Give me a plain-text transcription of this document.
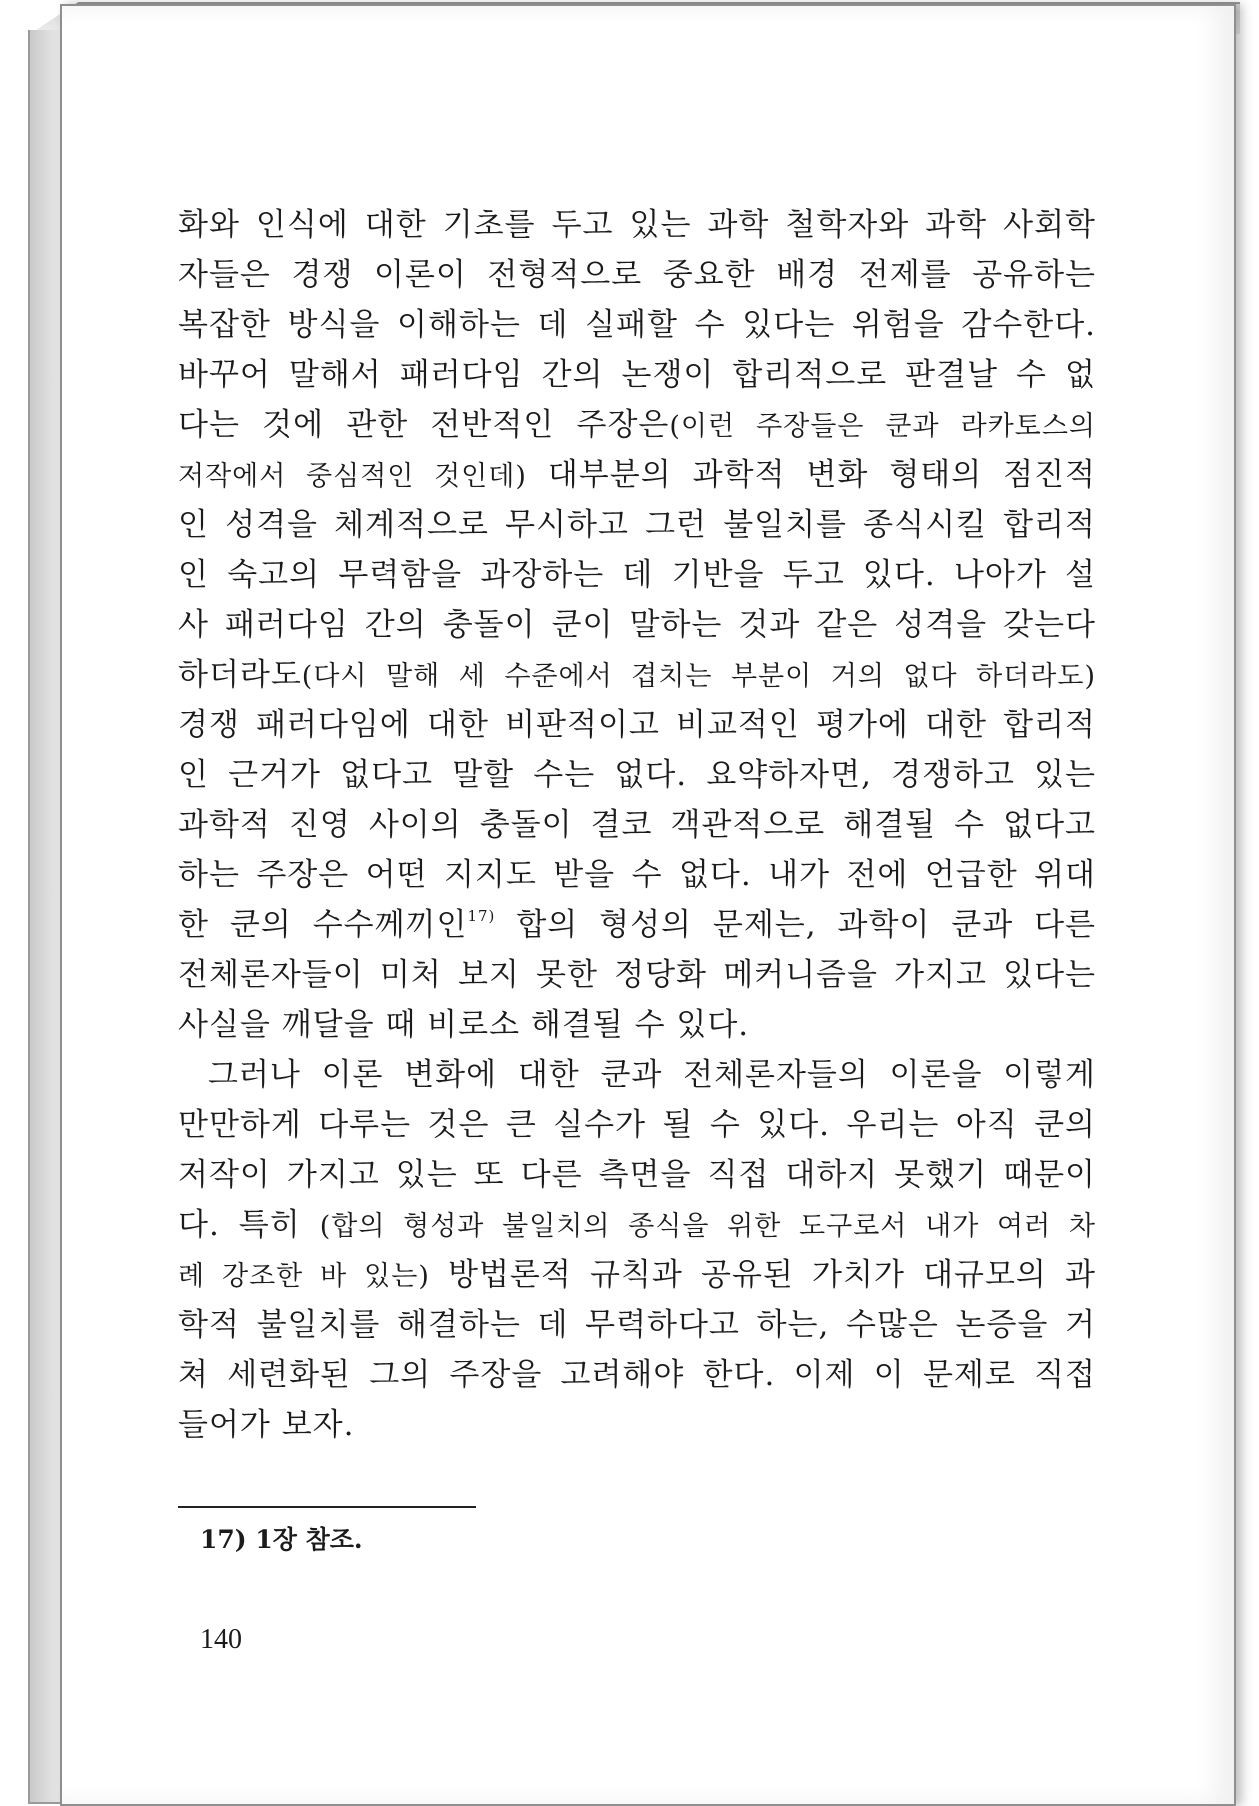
화와 인식에 대한 기초를 두고 있는 과학 철학자와 과학 사회학
자들은 경쟁 이론이 전형적으로 중요한 배경 전제를 공유하는
복잡한 방식을 이해하는 데 실패할 수 있다는 위험을 감수한다.
바꾸어 말해서 패러다임 간의 논쟁이 합리적으로 판결날 수 없
다는 것에 관한 전반적인 주장은(이런 주장들은 쿤과 라카토스의
저작에서 중심적인 것인데) 대부분의 과학적 변화 형태의 점진적
인 성격을 체계적으로 무시하고 그런 불일치를 종식시킬 합리적
인 숙고의 무력함을 과장하는 데 기반을 두고 있다. 나아가 설
사 패러다임 간의 충돌이 쿤이 말하는 것과 같은 성격을 갖는다
하더라도(다시 말해 세 수준에서 겹치는 부분이 거의 없다 하더라도)
경쟁 패러다임에 대한 비판적이고 비교적인 평가에 대한 합리적
인 근거가 없다고 말할 수는 없다. 요약하자면, 경쟁하고 있는
과학적 진영 사이의 충돌이 결코 객관적으로 해결될 수 없다고
하는 주장은 어떤 지지도 받을 수 없다. 내가 전에 언급한 위대
한 쿤의 수수께끼인$^{17)}$ 합의 형성의 문제는, 과학이 쿤과 다른
전체론자들이 미처 보지 못한 정당화 메커니즘을 가지고 있다는
사실을 깨달을 때 비로소 해결될 수 있다.
그러나 이론 변화에 대한 쿤과 전체론자들의 이론을 이렇게
만만하게 다루는 것은 큰 실수가 될 수 있다. 우리는 아직 쿤의
저작이 가지고 있는 또 다른 측면을 직접 대하지 못했기 때문이
다. 특히 (합의 형성과 불일치의 종식을 위한 도구로서 내가 여러 차
례 강조한 바 있는) 방법론적 규칙과 공유된 가치가 대규모의 과
학적 불일치를 해결하는 데 무력하다고 하는, 수많은 논증을 거
쳐 세련화된 그의 주장을 고려해야 한다. 이제 이 문제로 직접
들어가 보자.
17) 1장 참조.
140
